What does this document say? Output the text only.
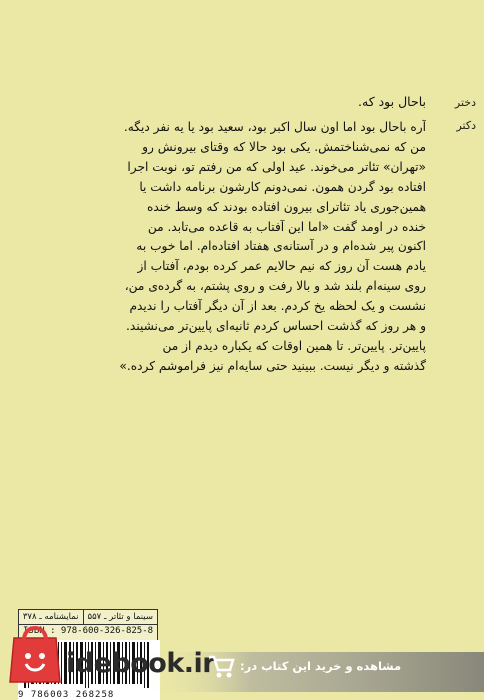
دختر
باحال بود که.
دکتر
آره باحال بود اما اون سال اکبر بود، سعید بود یا یه نفر دیگه.
من که نمی‌شناختمش. یکی بود حالا که وقتای بیرونش رو
«تهران» تئاتر می‌خوند. عید اولی که من رفتم تو، نوبت اجرا
افتاده بود گردن همون. نمی‌دونم کارشون برنامه داشت یا
همین‌جوری یاد تئاترای بیرون افتاده بودند که وسط خنده
خنده در اومد گفت «اما این آفتاب به قاعده می‌تابد. من
اکنون پیر شده‌ام و در آستانه‌ی هفتاد افتاده‌ام. اما خوب به
یادم هست آن روز که نیم حالایم عمر کرده بودم، آفتاب از
روی سینه‌ام بلند شد و بالا رفت و روی پشتم، به گرده‌ی من،
نشست و یک لحظه یخ کردم. بعد از آن دیگر آفتاب را ندیدم
و هر روز که گذشت احساس کردم ثانیه‌ای پایین‌تر می‌نشیند.
پایین‌تر. پایین‌تر. تا همین اوقات که یکباره دیدم از من
گذشته و دیگر نیست. ببینید حتی سایه‌ام نیز فراموشم کرده.»
سینما و تئاتر ـ ۵۵۷
نمایشنامه ـ ۳۷۸
ISBN : 978-600-326-825-8
9 786003 268258
idebook.ir مشاهده و خرید این کتاب در:
